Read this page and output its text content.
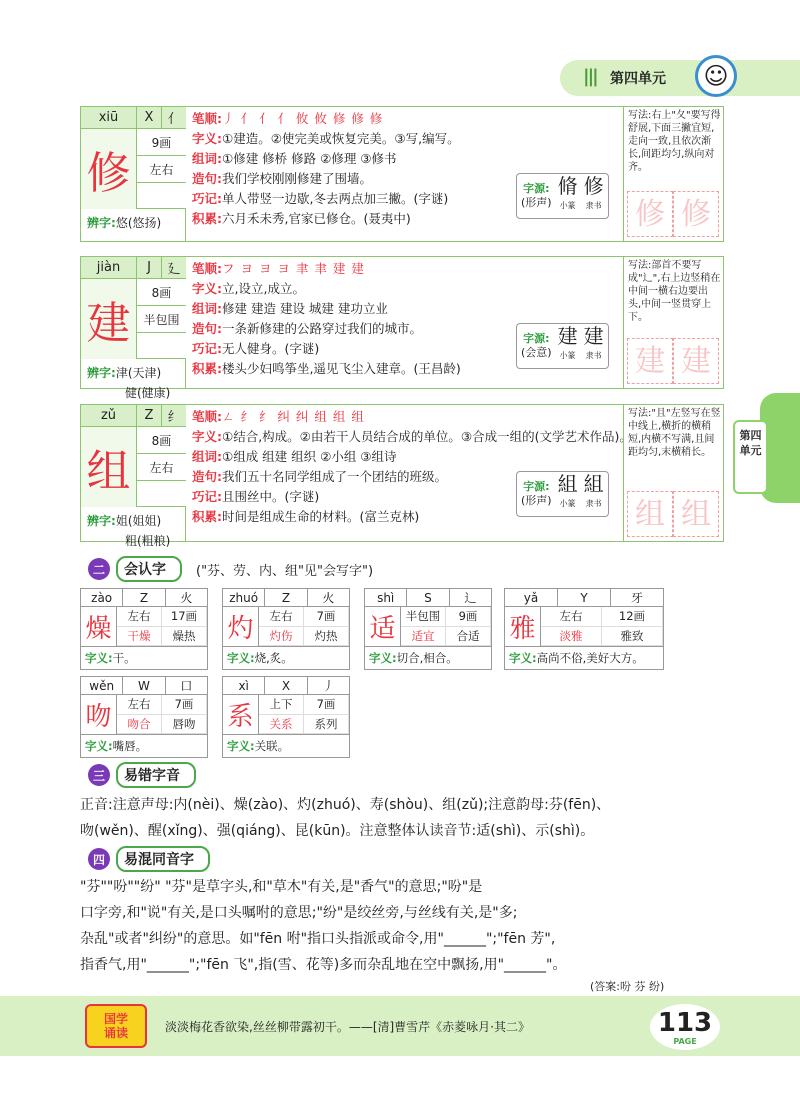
||| 第四单元	☺
第四单元
xiū	X	亻
修
9画
左右
辨字:悠(悠扬)

笔顺:丿 亻 亻 亻 攸 攸 修 修 修
字义:①建造。②使完美或恢复完美。③写,编写。
组词:①修建 修桥 修路 ②修理 ③修书
造句:我们学校刚刚修建了围墙。
巧记:单人带竖一边歇,冬去两点加三撇。(字谜)
积累:六月禾未秀,官家已修仓。(聂夷中)
字源:
(形声)
脩
小篆
修
隶书
写法:右上"夂"要写得舒展,下面三撇宜短,走向一致,且依次渐长,间距均匀,纵向对齐。
修 修
jiàn	J	廴
建
8画
半包围
辨字:津(天津)
健(健康)
笔顺:フ ヨ ヨ ヨ 聿 聿 建 建
字义:立,设立,成立。
组词:修建 建造 建设 城建 建功立业
造句:一条新修建的公路穿过我们的城市。
巧记:无人健身。(字谜)
积累:楼头少妇鸣筝坐,遥见飞尘入建章。(王昌龄)
字源:
(会意)
建
小篆
建
隶书
写法:部首不要写成"辶",右上边竖稍在中间一横右边要出头,中间一竖贯穿上下。
建 建
zǔ	Z	纟
组
8画
左右
辨字:姐(姐姐)
粗(粗粮)
笔顺:ㄥ 纟 纟 纠 纠 组 组 组
字义:①结合,构成。②由若干人员结合成的单位。③合成一组的(文学艺术作品)。
组词:①组成 组建 组织 ②小组 ③组诗
造句:我们五十名同学组成了一个团结的班级。
巧记:且围丝中。(字谜)
积累:时间是组成生命的材料。(富兰克林)
字源:
(形声)
組
小篆
組
隶书
写法:"且"左竖写在竖中线上,横折的横稍短,内横不写满,且间距均匀,末横稍长。
组 组
二	会认字	("芬、劳、内、组"见"会写字")
zào	Z	火
燥	左右	17画
干燥	燥热
字义: 干。
zhuó	Z	火
灼	左右	7画
灼伤	灼热
字义: 烧,炙。
shì	S	辶
适 半包围	9画
适宜	合适
字义: 切合,相合。
yǎ	Y	牙
雅	左右	12画
淡雅	雅致
字义: 高尚不俗,美好大方。
wěn	W	口
吻	左右	7画
吻合	唇吻
字义: 嘴唇。
xì	X	丿
系	上下	7画
关系	系列
字义: 关联。
三	易错字音
正音:注意声母:内(nèi)、燥(zào)、灼(zhuó)、寿(shòu)、组(zǔ);注意韵母:芬(fēn)、
吻(wěn)、醒(xǐng)、强(qiáng)、昆(kūn)。注意整体认读音节:适(shì)、示(shì)。
四	易混同音字
"芬""吩""纷" "芬"是草字头,和"草木"有关,是"香气"的意思;"吩"是
口字旁,和"说"有关,是口头嘱咐的意思;"纷"是绞丝旁,与丝线有关,是"多;
杂乱"或者"纠纷"的意思。如"fēn 咐"指口头指派或命令,用"______";"fēn 芳",
指香气,用"______";"fēn 飞",指(雪、花等)多而杂乱地在空中飘扬,用"______"。
(答案:吩 芬 纷)
国学诵读	淡淡梅花香欲染,丝丝柳带露初干。——[清]曹雪芹《赤菱咏月·其二》	113
PAGE
